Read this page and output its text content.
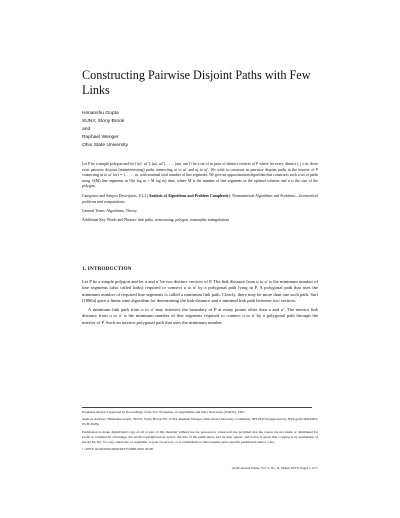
Constructing Pairwise Disjoint Paths with Few Links
Himanshu Gupta
SUNY, Stony Brook
and
Raphael Wenger
Ohio State University

Let P be a simple polygon and let {(u1, u1′), (u2, u2′), . . . , (um, um′)} be a set of m pairs of distinct vertices of P where for every distinct i, j ≤ m, there exist pairwise disjoint (nonintersecting) paths connecting ui to ui′ and uj to uj′. We wish to construct m pairwise disjoint paths in the interior of P connecting ui to ui′ for i = 1, . . . , m, with minimal total number of line segments. We give an approximation algorithm that constructs such a set of paths using O(M) line segments in O(n log m + M log m) time, where M is the number of line segments in the optimal solution and n is the size of the polygon.

Categories and Subject Descriptors: F.2.2 [Analysis of Algorithms and Problem Complexity]: Nonnumerical Algorithms and Problems—Geometrical problems and computations

General Terms: Algorithms, Theory

Additional Key Words and Phrases: link paths, noncrossing, polygon, isomorphic triangulations

1. INTRODUCTION

Let P be a simple polygon and let u and u′ be two distinct vertices of P. The link distance from u to u′ is the minimum number of line segments (also called links) required to connect u to u′ by a polygonal path lying in P. A polygonal path that uses the minimum number of required line segments is called a minimum link path. Clearly, there may be more than one such path. Suri [1986a] gave a linear time algorithm for determining the link distance and a minimal link path between two vertices.

A minimum link path from u to u′ may intersect the boundary of P at many points other than u and u′. The interior link distance from u to u′ is the minimum number of line segments required to connect u to u′ by a polygonal path through the interior of P. Such an interior polygonal path that uses the minimum number

Extended Abstract appeared in Proceedings of the 3rd. Workshop on Algorithms and Data Structures (WADS), 1997.

Authors Address: Himanshu Gupta, SUNY, Stony Brook NY 11794. Raphael Wenger, Ohio State University, Columbus, OH 43210 (supported by NSA grant MDA904-93-H-3026).

Permission to make digital/hard copy of all or part of this material without fee for personal or classroom use provided that the copies are not made or distributed for profit or commercial advantage, the ACM copyright/server notice, the title of the publication, and its date appear, and notice is given that copying is by permission of the ACM, Inc. To copy otherwise, to republish, to post on servers, or to redistribute to lists requires prior specific permission and/or a fee.

© 20YY ACM 0000-0000/20YY/0000-0001 $5.00

ACM Journal Name, Vol. V, No. N, Month 20YY, Pages 1–0??.
